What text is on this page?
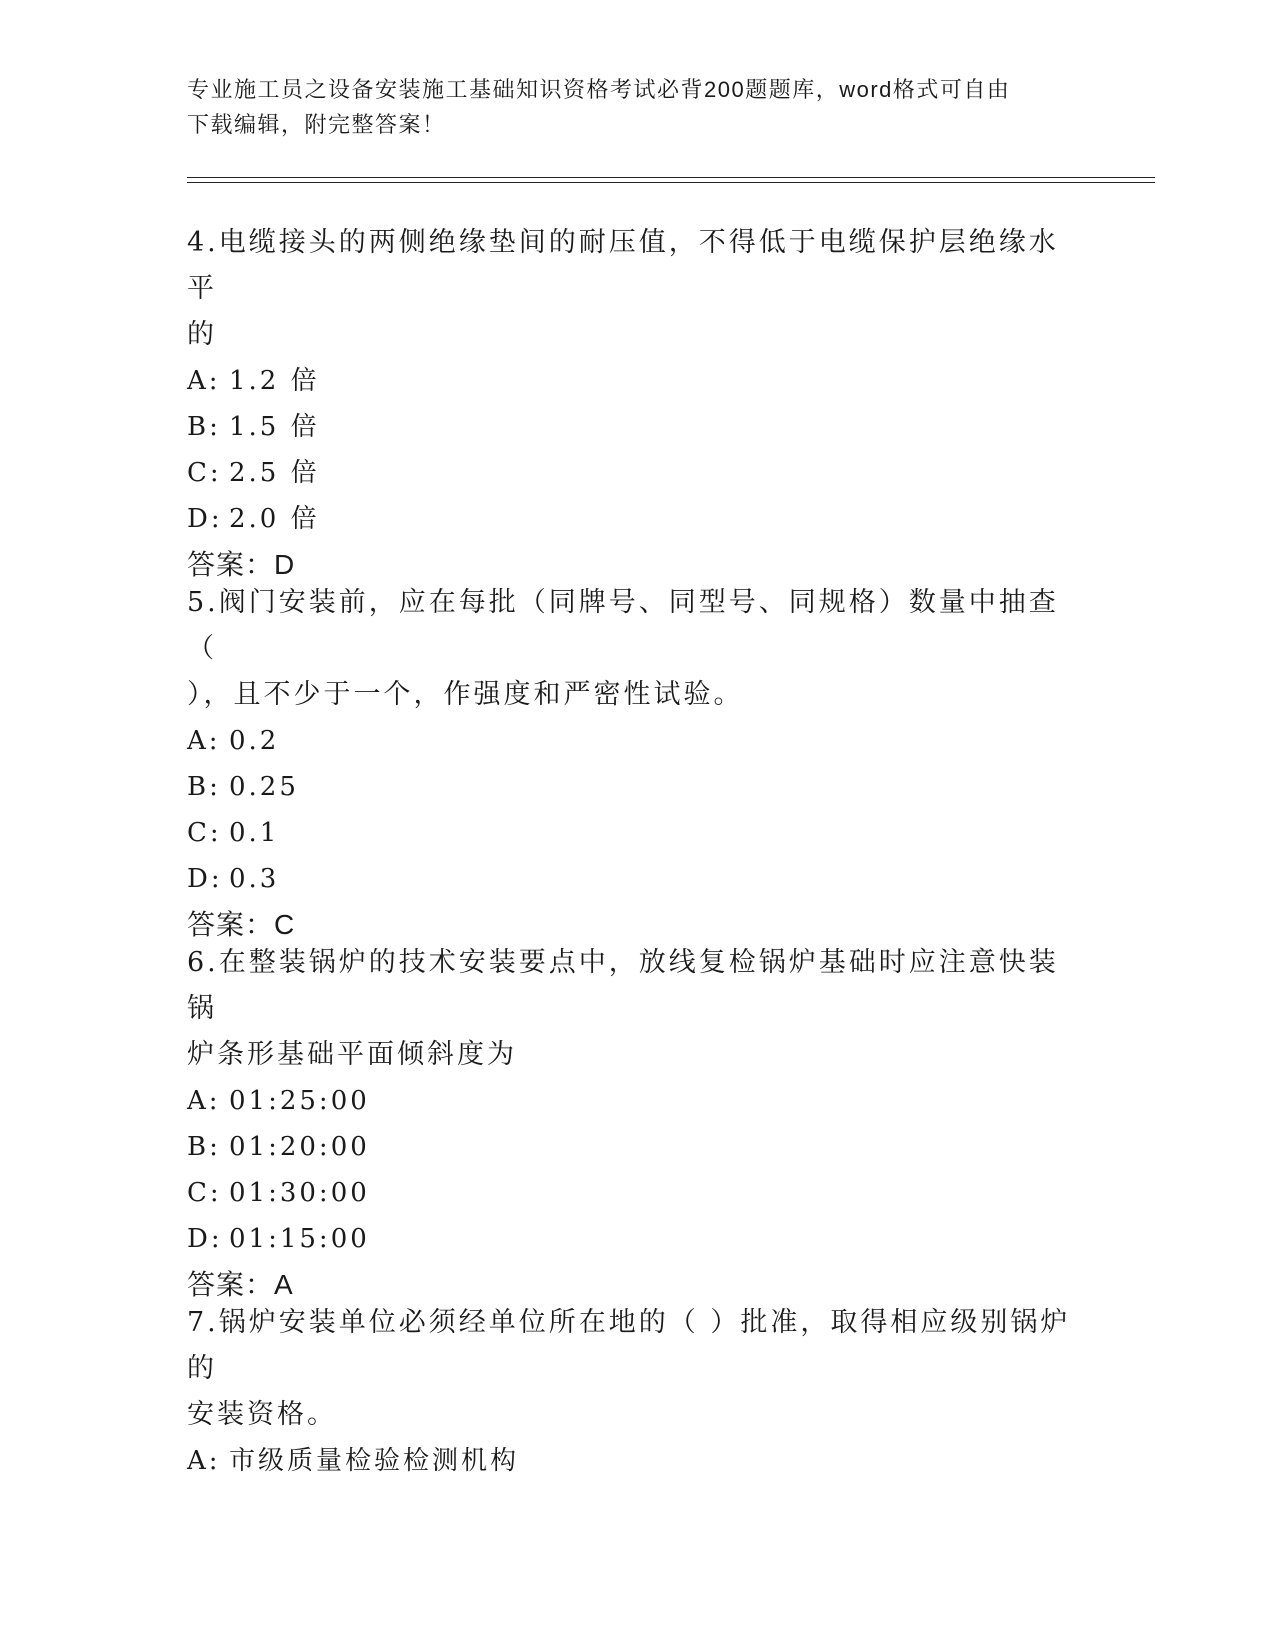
专业施工员之设备安装施工基础知识资格考试必背200题题库，word格式可自由
下载编辑，附完整答案！

4.电缆接头的两侧绝缘垫间的耐压值，不得低于电缆保护层绝缘水平

的

A: 1.2 倍

B: 1.5 倍

C: 2.5 倍

D: 2.0 倍

答案：D

5.阀门安装前，应在每批（同牌号、同型号、同规格）数量中抽查（

），且不少于一个，作强度和严密性试验。

A: 0.2

B: 0.25

C: 0.1

D: 0.3

答案：C

6.在整装锅炉的技术安装要点中，放线复检锅炉基础时应注意快装锅

炉条形基础平面倾斜度为

A: 01:25:00

B: 01:20:00

C: 01:30:00

D: 01:15:00

答案：A

7.锅炉安装单位必须经单位所在地的（ ）批准，取得相应级别锅炉的

安装资格。

A: 市级质量检验检测机构
